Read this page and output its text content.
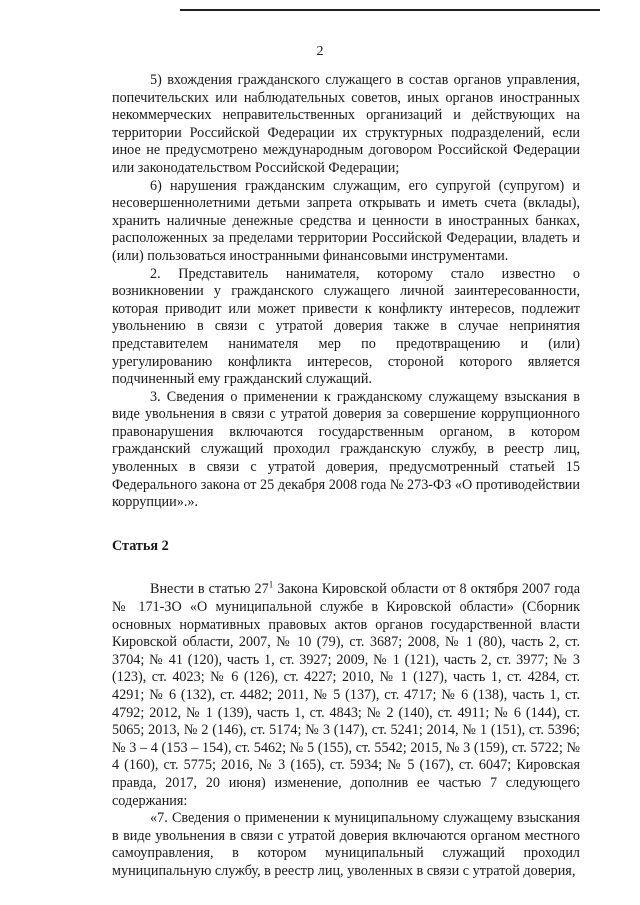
2

5) вхождения гражданского служащего в состав органов управления, попечительских или наблюдательных советов, иных органов иностранных некоммерческих неправительственных организаций и действующих на территории Российской Федерации их структурных подразделений, если иное не предусмотрено международным договором Российской Федерации или законодательством Российской Федерации;

6) нарушения гражданским служащим, его супругой (супругом) и несовершеннолетними детьми запрета открывать и иметь счета (вклады), хранить наличные денежные средства и ценности в иностранных банках, расположенных за пределами территории Российской Федерации, владеть и (или) пользоваться иностранными финансовыми инструментами.

2. Представитель нанимателя, которому стало известно о возникновении у гражданского служащего личной заинтересованности, которая приводит или может привести к конфликту интересов, подлежит увольнению в связи с утратой доверия также в случае непринятия представителем нанимателя мер по предотвращению и (или) урегулированию конфликта интересов, стороной которого является подчиненный ему гражданский служащий.

3. Сведения о применении к гражданскому служащему взыскания в виде увольнения в связи с утратой доверия за совершение коррупционного правонарушения включаются государственным органом, в котором гражданский служащий проходил гражданскую службу, в реестр лиц, уволенных в связи с утратой доверия, предусмотренный статьей 15 Федерального закона от 25 декабря 2008 года № 273-ФЗ «О противодействии коррупции».».

Статья 2

Внести в статью $27^1$ Закона Кировской области от 8 октября 2007 года № 171-ЗО «О муниципальной службе в Кировской области» (Сборник основных нормативных правовых актов органов государственной власти Кировской области, 2007, № 10 (79), ст. 3687; 2008, № 1 (80), часть 2, ст. 3704; № 41 (120), часть 1, ст. 3927; 2009, № 1 (121), часть 2, ст. 3977; № 3 (123), ст. 4023; № 6 (126), ст. 4227; 2010, № 1 (127), часть 1, ст. 4284, ст. 4291; № 6 (132), ст. 4482; 2011, № 5 (137), ст. 4717; № 6 (138), часть 1, ст. 4792; 2012, № 1 (139), часть 1, ст. 4843; № 2 (140), ст. 4911; № 6 (144), ст. 5065; 2013, № 2 (146), ст. 5174; № 3 (147), ст. 5241; 2014, № 1 (151), ст. 5396; № 3 – 4 (153 – 154), ст. 5462; № 5 (155), ст. 5542; 2015, № 3 (159), ст. 5722; № 4 (160), ст. 5775; 2016, № 3 (165), ст. 5934; № 5 (167), ст. 6047; Кировская правда, 2017, 20 июня) изменение, дополнив ее частью 7 следующего содержания:

«7. Сведения о применении к муниципальному служащему взыскания в виде увольнения в связи с утратой доверия включаются органом местного самоуправления, в котором муниципальный служащий проходил муниципальную службу, в реестр лиц, уволенных в связи с утратой доверия,
